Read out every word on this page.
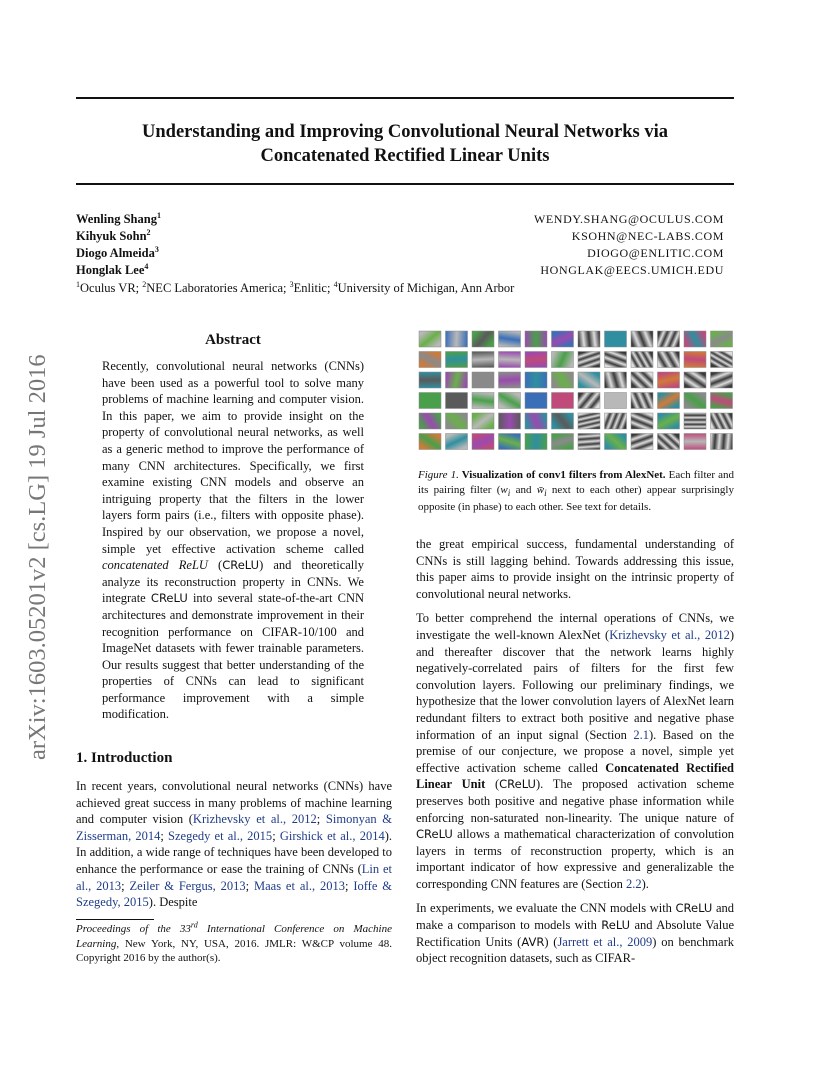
Understanding and Improving Convolutional Neural Networks via
Concatenated Rectified Linear Units
Wenling Shang$^1$	WENDY.SHANG@OCULUS.COM
Kihyuk Sohn$^2$	KSOHN@NEC-LABS.COM
Diogo Almeida$^3$	DIOGO@ENLITIC.COM
Honglak Lee$^4$	HONGLAK@EECS.UMICH.EDU
$^1$Oculus VR; $^2$NEC Laboratories America; $^3$Enlitic; $^4$University of Michigan, Ann Arbor
arXiv:1603.05201v2 [cs.LG] 19 Jul 2016
Abstract

Recently, convolutional neural networks (CNNs) have been used as a powerful tool to solve many problems of machine learning and computer vision. In this paper, we aim to provide insight on the property of convolutional neural networks, as well as a generic method to improve the performance of many CNN architectures. Specifically, we first examine existing CNN models and observe an intriguing property that the filters in the lower layers form pairs (i.e., filters with opposite phase). Inspired by our observation, we propose a novel, simple yet effective activation scheme called concatenated ReLU (CReLU) and theoretically analyze its reconstruction property in CNNs. We integrate CReLU into several state-of-the-art CNN architectures and demonstrate improvement in their recognition performance on CIFAR-10/100 and ImageNet datasets with fewer trainable parameters. Our results suggest that better understanding of the properties of CNNs can lead to significant performance improvement with a simple modification.

1. Introduction

In recent years, convolutional neural networks (CNNs) have achieved great success in many problems of machine learning and computer vision (Krizhevsky et al., 2012; Simonyan & Zisserman, 2014; Szegedy et al., 2015; Girshick et al., 2014). In addition, a wide range of techniques have been developed to enhance the performance or ease the training of CNNs (Lin et al., 2013; Zeiler & Fergus, 2013; Maas et al., 2013; Ioffe & Szegedy, 2015). Despite

Proceedings of the 33rd International Conference on Machine Learning, New York, NY, USA, 2016. JMLR: W&CP volume 48. Copyright 2016 by the author(s).

Figure 1. Visualization of conv1 filters from AlexNet. Each filter and its pairing filter ($w_i$ and $w̄_i$ next to each other) appear surprisingly opposite (in phase) to each other. See text for details.

the great empirical success, fundamental understanding of CNNs is still lagging behind. Towards addressing this issue, this paper aims to provide insight on the intrinsic property of convolutional neural networks.

To better comprehend the internal operations of CNNs, we investigate the well-known AlexNet (Krizhevsky et al., 2012) and thereafter discover that the network learns highly negatively-correlated pairs of filters for the first few convolution layers. Following our preliminary findings, we hypothesize that the lower convolution layers of AlexNet learn redundant filters to extract both positive and negative phase information of an input signal (Section 2.1). Based on the premise of our conjecture, we propose a novel, simple yet effective activation scheme called Concatenated Rectified Linear Unit (CReLU). The proposed activation scheme preserves both positive and negative phase information while enforcing non-saturated non-linearity. The unique nature of CReLU allows a mathematical characterization of convolution layers in terms of reconstruction property, which is an important indicator of how expressive and generalizable the corresponding CNN features are (Section 2.2).

In experiments, we evaluate the CNN models with CReLU and make a comparison to models with ReLU and Absolute Value Rectification Units (AVR) (Jarrett et al., 2009) on benchmark object recognition datasets, such as CIFAR-
